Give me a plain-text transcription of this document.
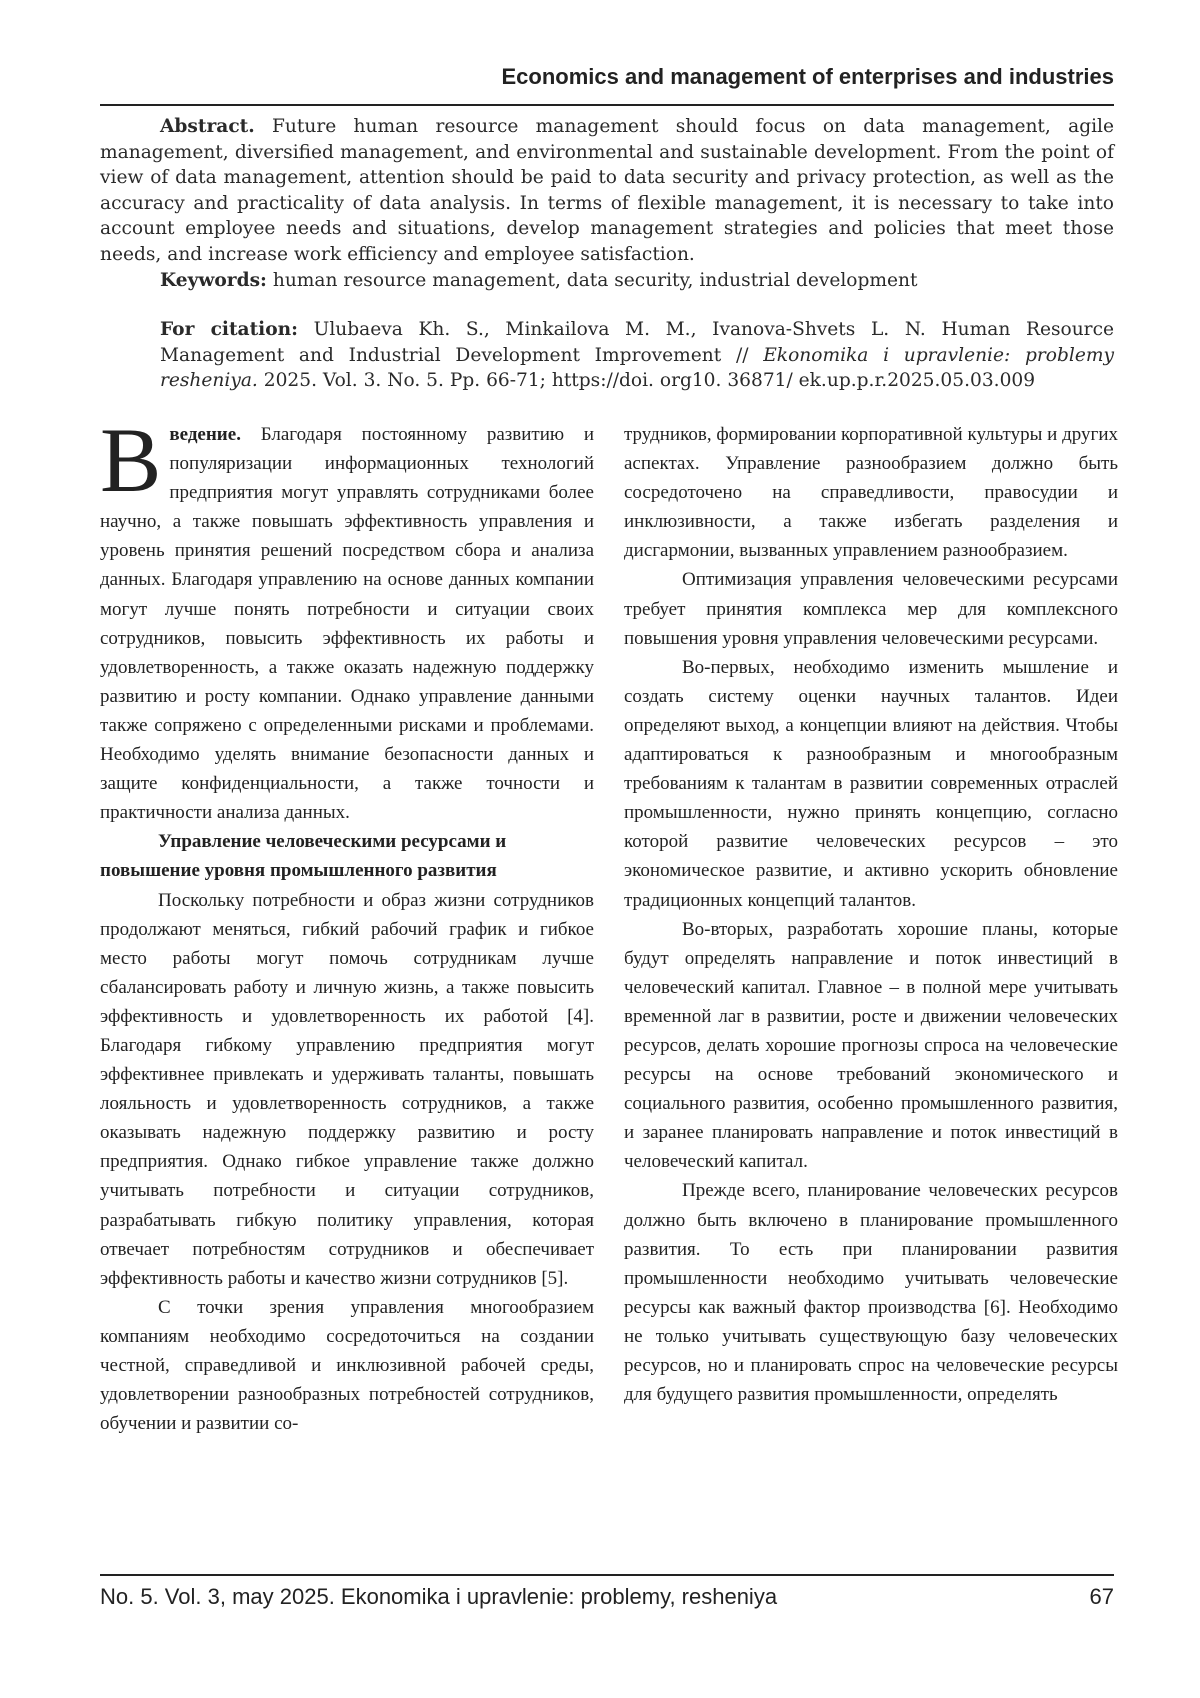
Economics and management of enterprises and industries

Abstract. Future human resource management should focus on data management, agile management, diversified management, and environmental and sustainable development. From the point of view of data management, attention should be paid to data security and privacy protection, as well as the accuracy and practicality of data analysis. In terms of flexible management, it is necessary to take into account employee needs and situations, develop management strategies and policies that meet those needs, and increase work efficiency and employee satisfaction.

Keywords: human resource management, data security, industrial development

For citation: Ulubaeva Kh. S., Minkailova M. M., Ivanova-Shvets L. N. Human Resource Management and Industrial Development Improvement // Ekonomika i upravlenie: problemy resheniya. 2025. Vol. 3. No. 5. Pp. 66-71; https://doi. org10. 36871/ ek.up.p.r.2025.05.03.009

Введение. Благодаря постоянному развитию и популяризации информационных технологий предприятия могут управлять сотрудниками более научно, а также повышать эффективность управления и уровень принятия решений посредством сбора и анализа данных. Благодаря управлению на основе данных компании могут лучше понять потребности и ситуации своих сотрудников, повысить эффективность их работы и удовлетворенность, а также оказать надежную поддержку развитию и росту компании. Однако управление данными также сопряжено с определенными рисками и проблемами. Необходимо уделять внимание безопасности данных и защите конфиденциальности, а также точности и практичности анализа данных.

Управление человеческими ресурсами и повышение уровня промышленного развития

Поскольку потребности и образ жизни сотрудников продолжают меняться, гибкий рабочий график и гибкое место работы могут помочь сотрудникам лучше сбалансировать работу и личную жизнь, а также повысить эффективность и удовлетворенность их работой [4]. Благодаря гибкому управлению предприятия могут эффективнее привлекать и удерживать таланты, повышать лояльность и удовлетворенность сотрудников, а также оказывать надежную поддержку развитию и росту предприятия. Однако гибкое управление также должно учитывать потребности и ситуации сотрудников, разрабатывать гибкую политику управления, которая отвечает потребностям сотрудников и обеспечивает эффективность работы и качество жизни сотрудников [5].

С точки зрения управления многообразием компаниям необходимо сосредоточиться на создании честной, справедливой и инклюзивной рабочей среды, удовлетворении разнообразных потребностей сотрудников, обучении и развитии со-

трудников, формировании корпоративной культуры и других аспектах. Управление разнообразием должно быть сосредоточено на справедливости, правосудии и инклюзивности, а также избегать разделения и дисгармонии, вызванных управлением разнообразием.

Оптимизация управления человеческими ресурсами требует принятия комплекса мер для комплексного повышения уровня управления человеческими ресурсами.

Во-первых, необходимо изменить мышление и создать систему оценки научных талантов. Идеи определяют выход, а концепции влияют на действия. Чтобы адаптироваться к разнообразным и многообразным требованиям к талантам в развитии современных отраслей промышленности, нужно принять концепцию, согласно которой развитие человеческих ресурсов – это экономическое развитие, и активно ускорить обновление традиционных концепций талантов.

Во-вторых, разработать хорошие планы, которые будут определять направление и поток инвестиций в человеческий капитал. Главное – в полной мере учитывать временной лаг в развитии, росте и движении человеческих ресурсов, делать хорошие прогнозы спроса на человеческие ресурсы на основе требований экономического и социального развития, особенно промышленного развития, и заранее планировать направление и поток инвестиций в человеческий капитал.

Прежде всего, планирование человеческих ресурсов должно быть включено в планирование промышленного развития. То есть при планировании развития промышленности необходимо учитывать человеческие ресурсы как важный фактор производства [6]. Необходимо не только учитывать существующую базу человеческих ресурсов, но и планировать спрос на человеческие ресурсы для будущего развития промышленности, определять

No. 5. Vol. 3, may 2025. Ekonomika i upravlenie: problemy, resheniya	67
